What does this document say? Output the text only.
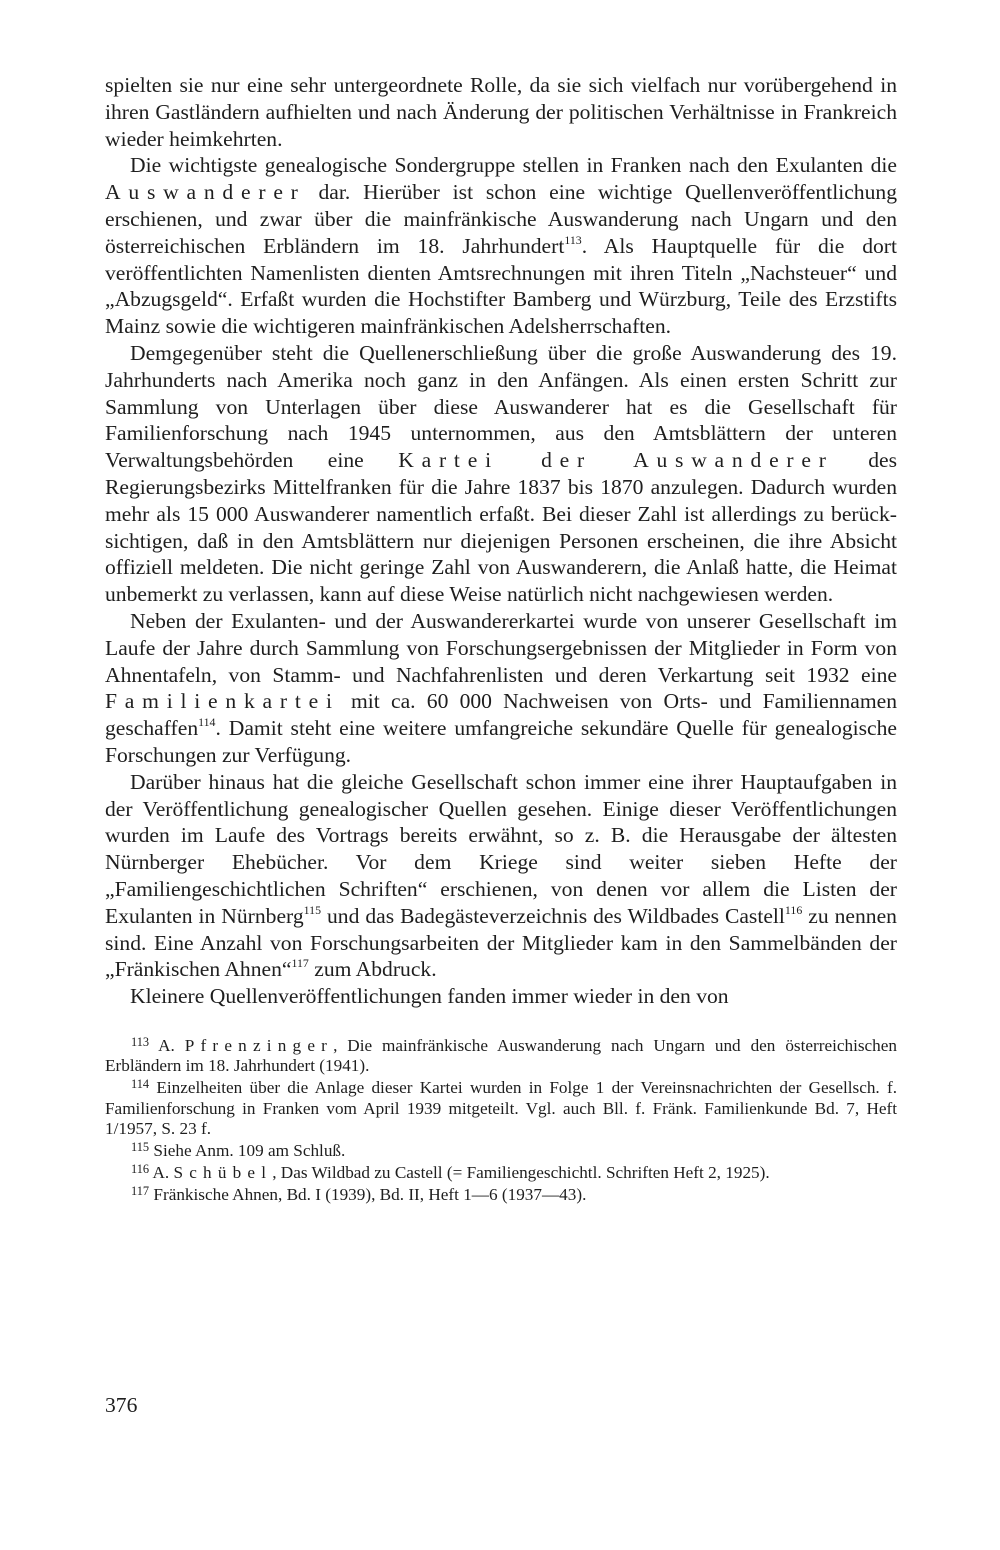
spielten sie nur eine sehr untergeordnete Rolle, da sie sich vielfach nur vorübergehend in ihren Gastländern aufhielten und nach Änderung der politischen Verhältnisse in Frankreich wieder heimkehrten.

Die wichtigste genealogische Sondergruppe stellen in Franken nach den Exulanten die Auswanderer dar. Hierüber ist schon eine wichtige Quellenveröffentlichung erschienen, und zwar über die mainfränkische Auswanderung nach Ungarn und den österreichischen Erbländern im 18. Jahrhundert$^{113}$. Als Hauptquelle für die dort veröffentlichten Namenlisten dienten Amtsrechnungen mit ihren Titeln „Nachsteuer“ und „Abzugsgeld“. Erfaßt wurden die Hochstifter Bamberg und Würzburg, Teile des Erzstifts Mainz sowie die wichtigeren mainfränkischen Adelsherrschaften.

Demgegenüber steht die Quellenerschließung über die große Auswanderung des 19. Jahrhunderts nach Amerika noch ganz in den Anfängen. Als einen ersten Schritt zur Sammlung von Unterlagen über diese Auswanderer hat es die Gesellschaft für Familienforschung nach 1945 unternommen, aus den Amtsblättern der unteren Verwaltungsbehörden eine Kartei der Auswanderer des Regierungsbezirks Mittelfranken für die Jahre 1837 bis 1870 anzulegen. Dadurch wurden mehr als 15 000 Auswanderer namentlich erfaßt. Bei dieser Zahl ist allerdings zu berücksichtigen, daß in den Amtsblättern nur diejenigen Personen erscheinen, die ihre Absicht offiziell meldeten. Die nicht geringe Zahl von Auswanderern, die Anlaß hatte, die Heimat unbemerkt zu verlassen, kann auf diese Weise natürlich nicht nachgewiesen werden.

Neben der Exulanten- und der Auswandererkartei wurde von unserer Gesellschaft im Laufe der Jahre durch Sammlung von Forschungsergebnissen der Mitglieder in Form von Ahnentafeln, von Stamm- und Nachfahrenlisten und deren Verkartung seit 1932 eine Familienkartei mit ca. 60 000 Nachweisen von Orts- und Familiennamen geschaffen$^{114}$. Damit steht eine weitere umfangreiche sekundäre Quelle für genealogische Forschungen zur Verfügung.

Darüber hinaus hat die gleiche Gesellschaft schon immer eine ihrer Hauptaufgaben in der Veröffentlichung genealogischer Quellen gesehen. Einige dieser Veröffentlichungen wurden im Laufe des Vortrags bereits erwähnt, so z. B. die Herausgabe der ältesten Nürnberger Ehebücher. Vor dem Kriege sind weiter sieben Hefte der „Familiengeschichtlichen Schriften“ erschienen, von denen vor allem die Listen der Exulanten in Nürnberg$^{115}$ und das Badegästeverzeichnis des Wildbades Castell$^{116}$ zu nennen sind. Eine Anzahl von Forschungsarbeiten der Mitglieder kam in den Sammelbänden der „Fränkischen Ahnen“$^{117}$ zum Abdruck.

Kleinere Quellenveröffentlichungen fanden immer wieder in den von

$^{113}$ A. Pfrenzinger, Die mainfränkische Auswanderung nach Ungarn und den österreichischen Erbländern im 18. Jahrhundert (1941).

$^{114}$ Einzelheiten über die Anlage dieser Kartei wurden in Folge 1 der Vereinsnachrichten der Gesellsch. f. Familienforschung in Franken vom April 1939 mitgeteilt. Vgl. auch Bll. f. Fränk. Familienkunde Bd. 7, Heft 1/1957, S. 23 f.

$^{115}$ Siehe Anm. 109 am Schluß.

$^{116}$ A. Schübel, Das Wildbad zu Castell (= Familiengeschichtl. Schriften Heft 2, 1925).

$^{117}$ Fränkische Ahnen, Bd. I (1939), Bd. II, Heft 1—6 (1937—43).

376
